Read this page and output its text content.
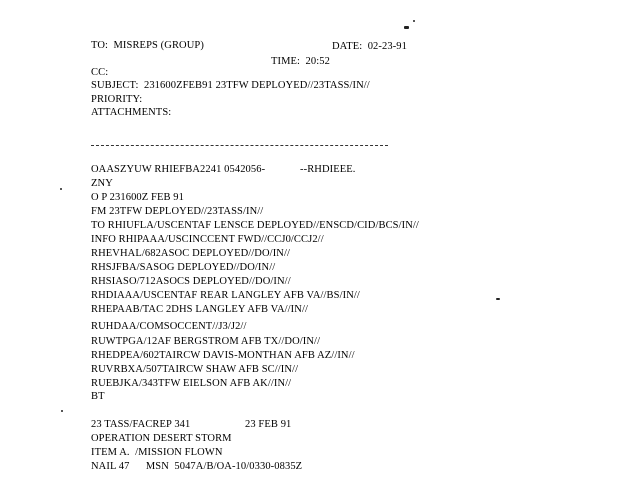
TO:  MISREPS (GROUP)	DATE:  02-23-91
TIME:  20:52
CC:
SUBJECT:  231600ZFEB91 23TFW DEPLOYED//23TASS/IN//
PRIORITY:
ATTACHMENTS:
OAASZYUW RHIEFBA2241 0542056-	--RHDIEEE.
ZNY
O P 231600Z FEB 91
FM 23TFW DEPLOYED//23TASS/IN//
TO RHIUFLA/USCENTAF LENSCE DEPLOYED//ENSCD/CID/BCS/IN//
INFO RHIPAAA/USCINCCENT FWD//CCJ0/CCJ2//
RHEVHAL/682ASOC DEPLOYED//DO/IN//
RHSJFBA/SASOG DEPLOYED//DO/IN//
RHSIASO/712ASOCS DEPLOYED//DO/IN//
RHDIAAA/USCENTAF REAR LANGLEY AFB VA//BS/IN//
RHEPAAB/TAC 2DHS LANGLEY AFB VA//IN//
RUHDAA/COMSOCCENT//J3/J2//
RUWTPGA/12AF BERGSTROM AFB TX//DO/IN//
RHEDPEA/602TAIRCW DAVIS-MONTHAN AFB AZ//IN//
RUVRBXA/507TAIRCW SHAW AFB SC//IN//
RUEBJKA/343TFW EIELSON AFB AK//IN//
BT
23 TASS/FACREP 341	23 FEB 91
OPERATION DESERT STORM
ITEM A.  /MISSION FLOWN
NAIL 47      MSN  5047A/B/OA-10/0330-0835Z
